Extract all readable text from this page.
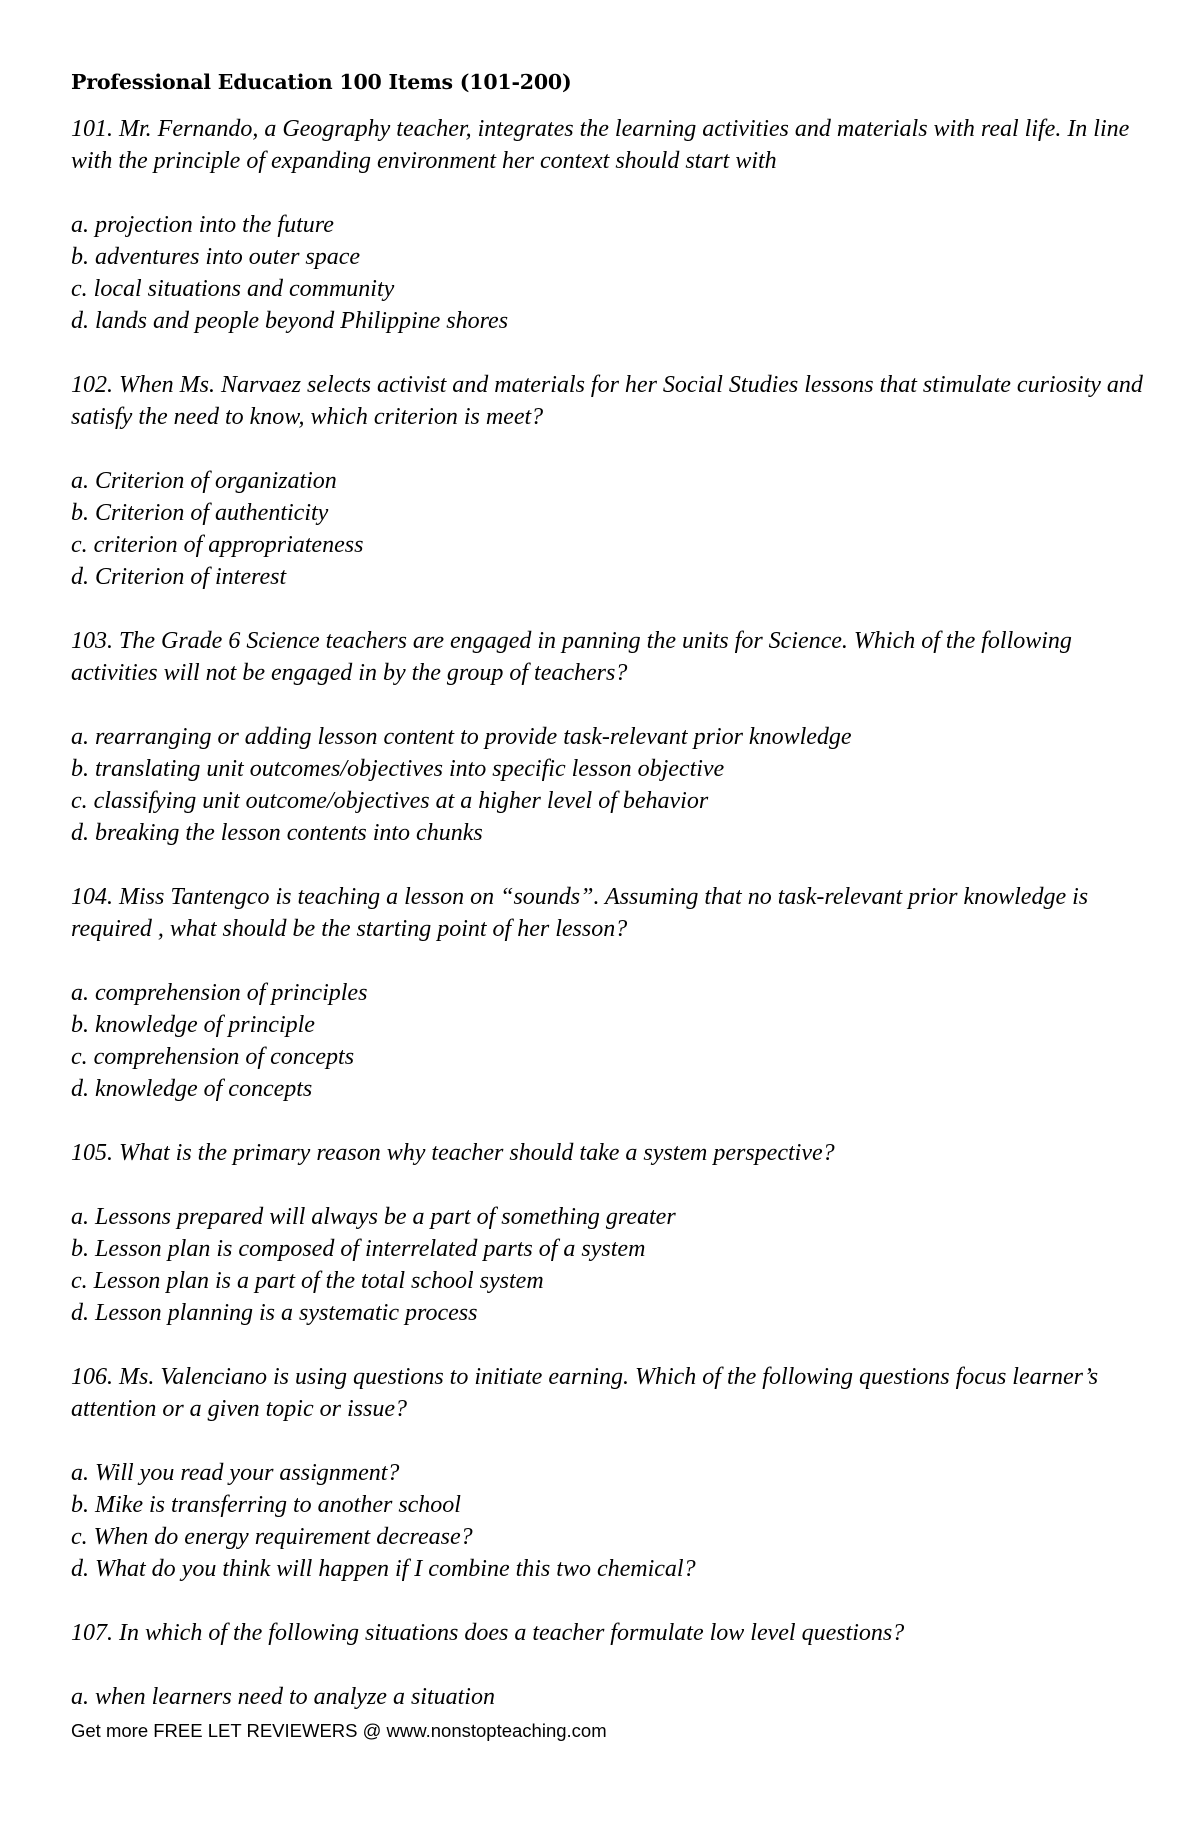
Professional Education 100 Items (101-200)

101. Mr. Fernando, a Geography teacher, integrates the learning activities and materials with real life. In line with the principle of expanding environment her context should start with

a. projection into the future
b. adventures into outer space
c. local situations and community
d. lands and people beyond Philippine shores

102. When Ms. Narvaez selects activist and materials for her Social Studies lessons that stimulate curiosity and satisfy the need to know, which criterion is meet?

a. Criterion of organization
b. Criterion of authenticity
c. criterion of appropriateness
d. Criterion of interest

103. The Grade 6 Science teachers are engaged in panning the units for Science. Which of the following activities will not be engaged in by the group of teachers?

a. rearranging or adding lesson content to provide task-relevant prior knowledge
b. translating unit outcomes/objectives into specific lesson objective
c. classifying unit outcome/objectives at a higher level of behavior
d. breaking the lesson contents into chunks

104. Miss Tantengco is teaching a lesson on “sounds”. Assuming that no task-relevant prior knowledge is required , what should be the starting point of her lesson?

a. comprehension of principles
b. knowledge of principle
c. comprehension of concepts
d. knowledge of concepts

105. What is the primary reason why teacher should take a system perspective?

a. Lessons prepared will always be a part of something greater
b. Lesson plan is composed of interrelated parts of a system
c. Lesson plan is a part of the total school system
d. Lesson planning is a systematic process

106. Ms. Valenciano is using questions to initiate earning. Which of the following questions focus learner’s attention or a given topic or issue?

a. Will you read your assignment?
b. Mike is transferring to another school
c. When do energy requirement decrease?
d. What do you think will happen if I combine this two chemical?

107. In which of the following situations does a teacher formulate low level questions?

a. when learners need to analyze a situation
Get more FREE LET REVIEWERS @ www.nonstopteaching.com
